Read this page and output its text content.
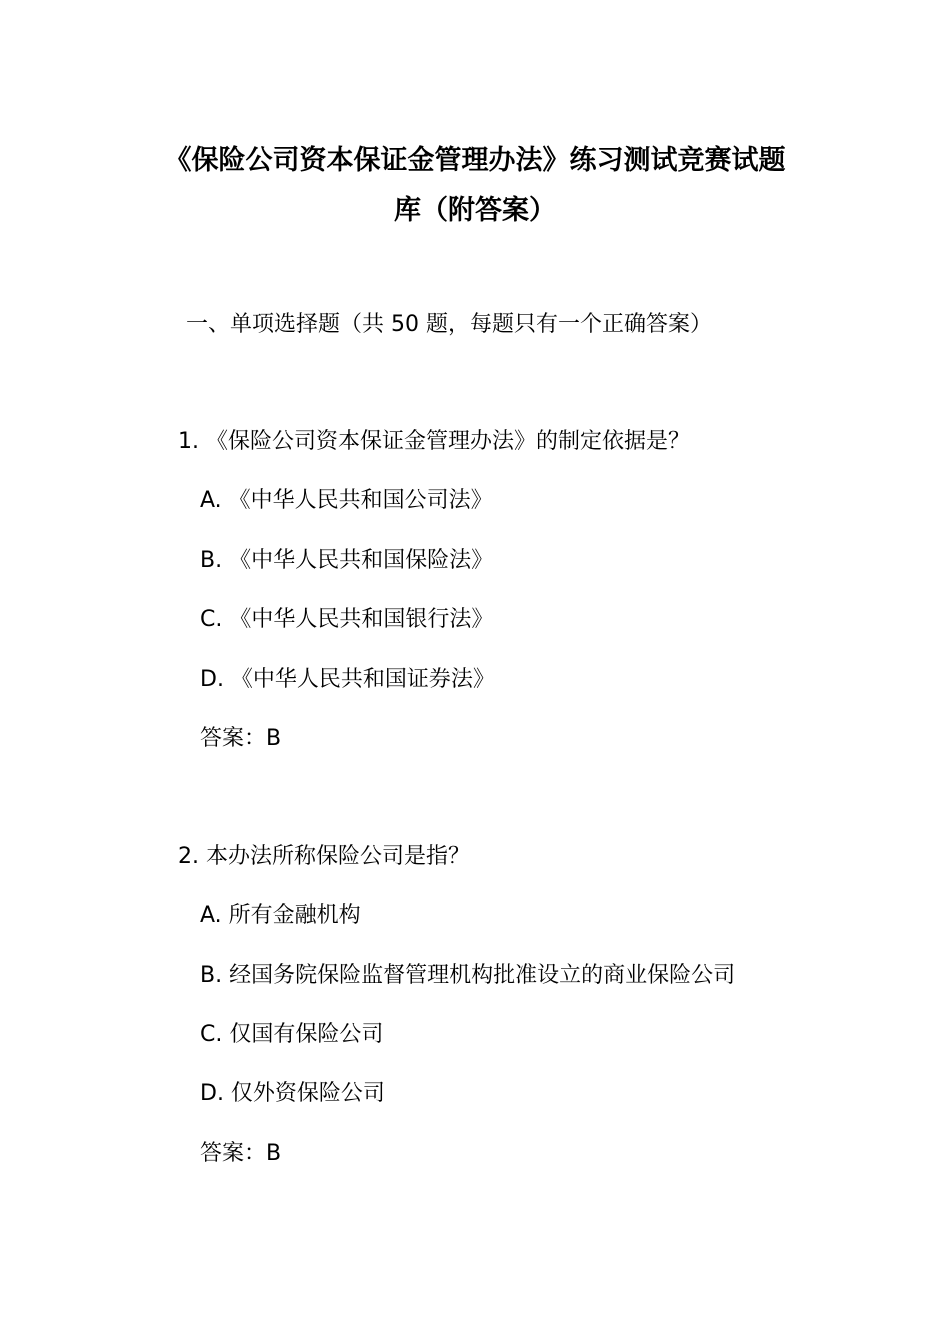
《保险公司资本保证金管理办法》练习测试竞赛试题
库（附答案）
一、单项选择题（共 50 题，每题只有一个正确答案）
1. 《保险公司资本保证金管理办法》的制定依据是？
A. 《中华人民共和国公司法》
B. 《中华人民共和国保险法》
C. 《中华人民共和国银行法》
D. 《中华人民共和国证券法》
答案：B
2. 本办法所称保险公司是指？
A. 所有金融机构
B. 经国务院保险监督管理机构批准设立的商业保险公司
C. 仅国有保险公司
D. 仅外资保险公司
答案：B
